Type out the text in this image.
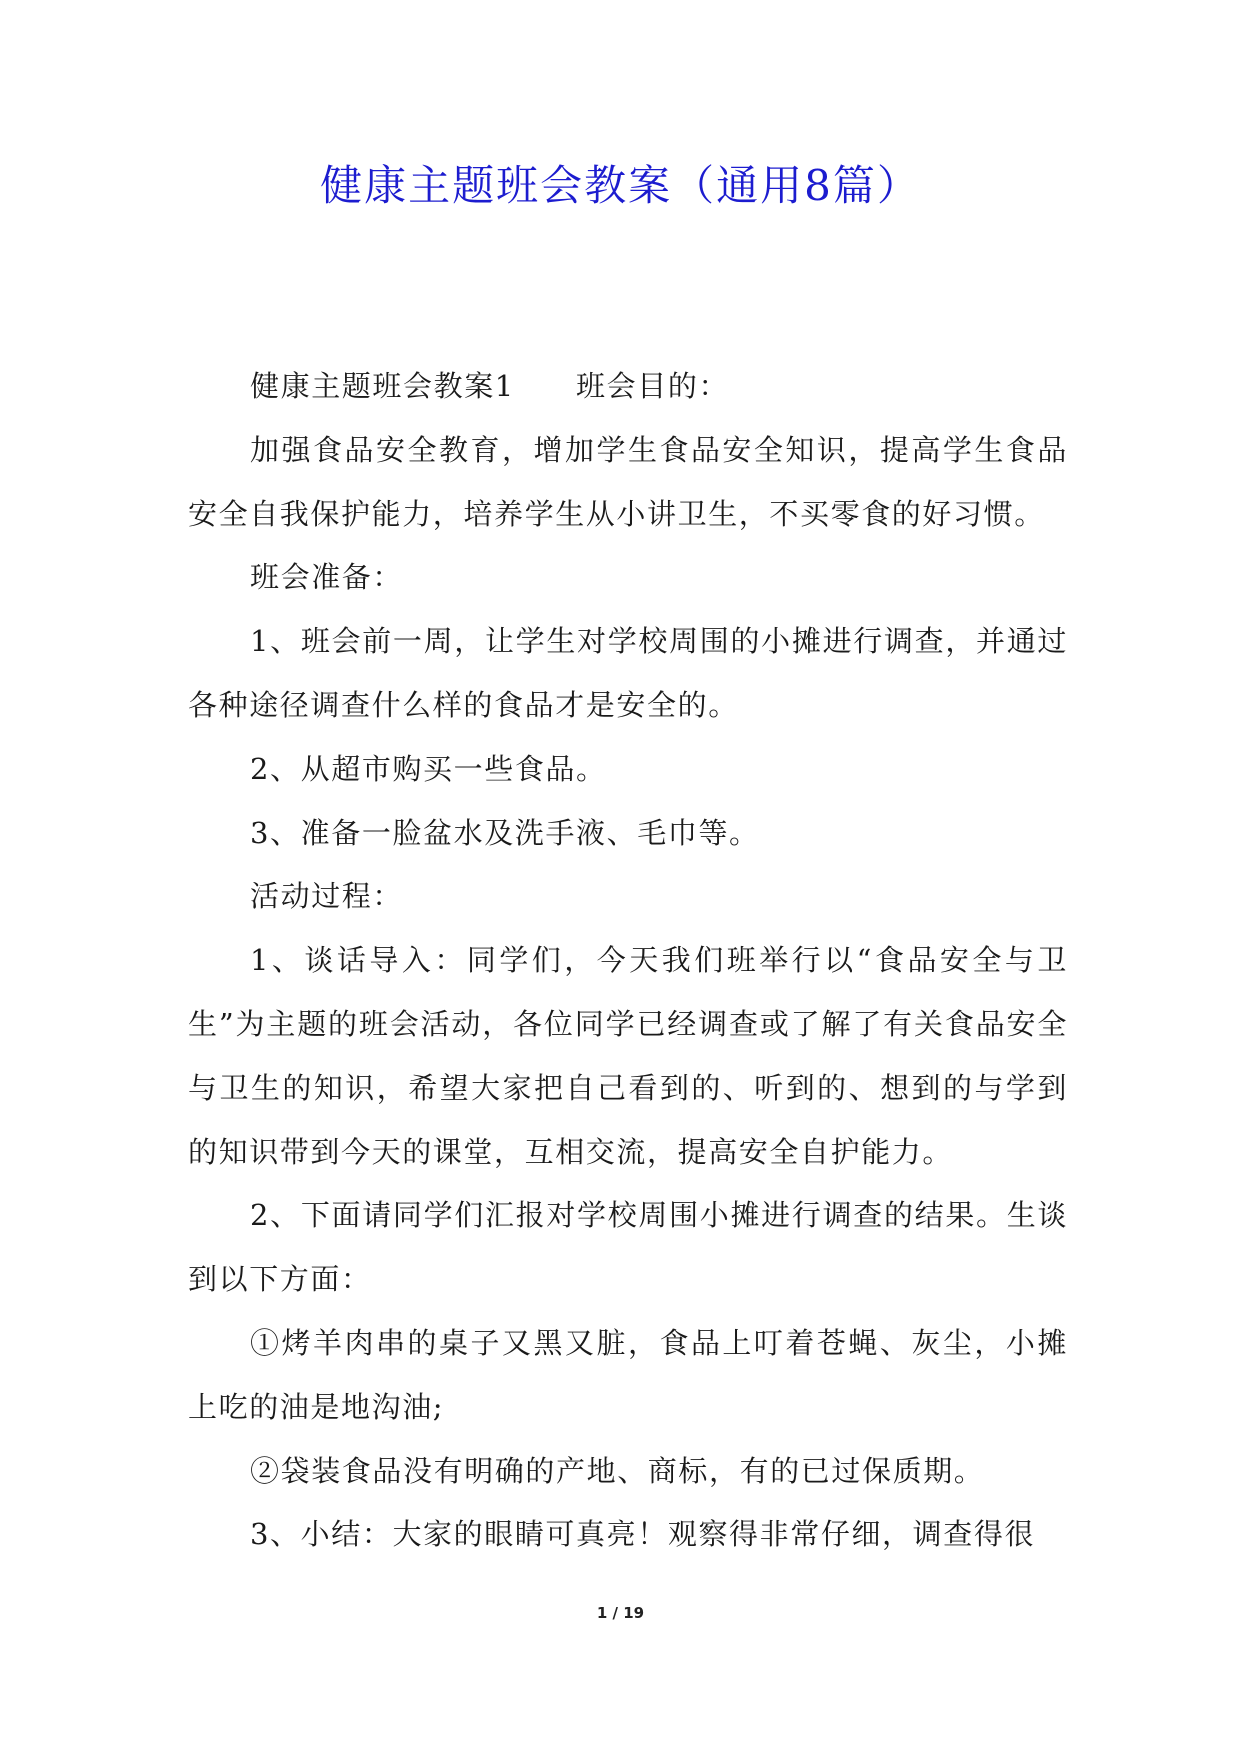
健康主题班会教案（通用8篇）

健康主题班会教案1　　班会目的：

加强食品安全教育，增加学生食品安全知识，提高学生食品安全自我保护能力，培养学生从小讲卫生，不买零食的好习惯。

班会准备：

1、班会前一周，让学生对学校周围的小摊进行调查，并通过各种途径调查什么样的食品才是安全的。

2、从超市购买一些食品。

3、准备一脸盆水及洗手液、毛巾等。

活动过程：

1、谈话导入：同学们，今天我们班举行以“食品安全与卫生”为主题的班会活动，各位同学已经调查或了解了有关食品安全与卫生的知识，希望大家把自己看到的、听到的、想到的与学到的知识带到今天的课堂，互相交流，提高安全自护能力。

2、下面请同学们汇报对学校周围小摊进行调查的结果。生谈到以下方面：

①烤羊肉串的桌子又黑又脏，食品上叮着苍蝇、灰尘，小摊上吃的油是地沟油;

②袋装食品没有明确的产地、商标，有的已过保质期。

3、小结：大家的眼睛可真亮！观察得非常仔细，调查得很

1 / 19
